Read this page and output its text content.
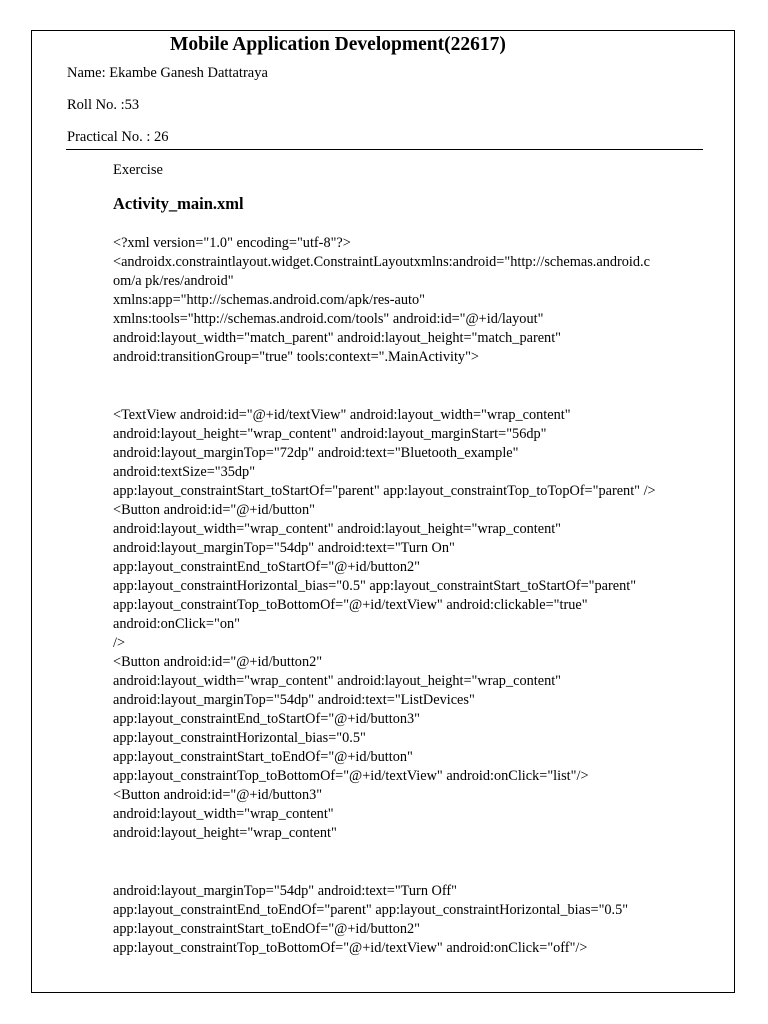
Mobile Application Development(22617)
Name: Ekambe Ganesh Dattatraya
Roll No. :53
Practical No. : 26
Exercise
Activity_main.xml
<?xml version="1.0" encoding="utf-8"?>
<androidx.constraintlayout.widget.ConstraintLayoutxmlns:android="http://schemas.android.c
om/a pk/res/android"
xmlns:app="http://schemas.android.com/apk/res-auto"
xmlns:tools="http://schemas.android.com/tools" android:id="@+id/layout"
android:layout_width="match_parent" android:layout_height="match_parent"
android:transitionGroup="true" tools:context=".MainActivity">
<TextView android:id="@+id/textView" android:layout_width="wrap_content"
android:layout_height="wrap_content" android:layout_marginStart="56dp"
android:layout_marginTop="72dp" android:text="Bluetooth_example"
android:textSize="35dp"
app:layout_constraintStart_toStartOf="parent" app:layout_constraintTop_toTopOf="parent" />
<Button android:id="@+id/button"
android:layout_width="wrap_content" android:layout_height="wrap_content"
android:layout_marginTop="54dp" android:text="Turn On"
app:layout_constraintEnd_toStartOf="@+id/button2"
app:layout_constraintHorizontal_bias="0.5" app:layout_constraintStart_toStartOf="parent"
app:layout_constraintTop_toBottomOf="@+id/textView" android:clickable="true"
android:onClick="on"
/>
<Button android:id="@+id/button2"
android:layout_width="wrap_content" android:layout_height="wrap_content"
android:layout_marginTop="54dp" android:text="ListDevices"
app:layout_constraintEnd_toStartOf="@+id/button3"
app:layout_constraintHorizontal_bias="0.5"
app:layout_constraintStart_toEndOf="@+id/button"
app:layout_constraintTop_toBottomOf="@+id/textView" android:onClick="list"/>
<Button android:id="@+id/button3"
android:layout_width="wrap_content"
android:layout_height="wrap_content"
android:layout_marginTop="54dp" android:text="Turn Off"
app:layout_constraintEnd_toEndOf="parent" app:layout_constraintHorizontal_bias="0.5"
app:layout_constraintStart_toEndOf="@+id/button2"
app:layout_constraintTop_toBottomOf="@+id/textView" android:onClick="off"/>
